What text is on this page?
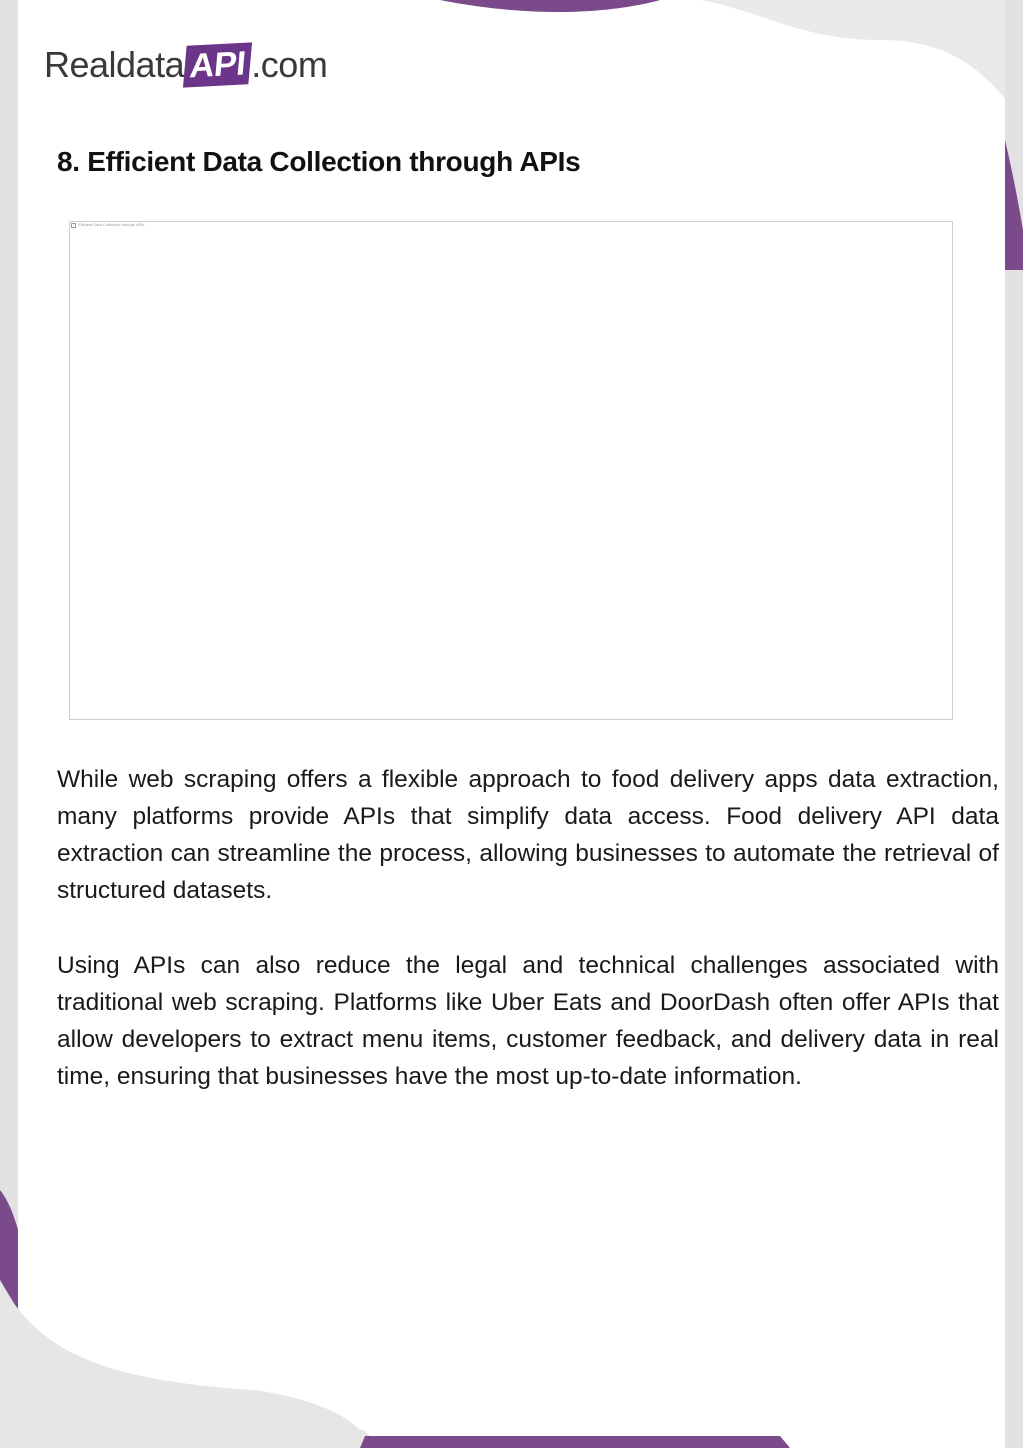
Realdata API .com
8. Efficient Data Collection through APIs
Efficient Data Collection through APIs

While web scraping offers a flexible approach to food delivery apps data extraction, many platforms provide APIs that simplify data access. Food delivery API data extraction can streamline the process, allowing businesses to automate the retrieval of structured datasets.

Using APIs can also reduce the legal and technical challenges associated with traditional web scraping. Platforms like Uber Eats and DoorDash often offer APIs that allow developers to extract menu items, customer feedback, and delivery data in real time, ensuring that businesses have the most up-to-date information.
